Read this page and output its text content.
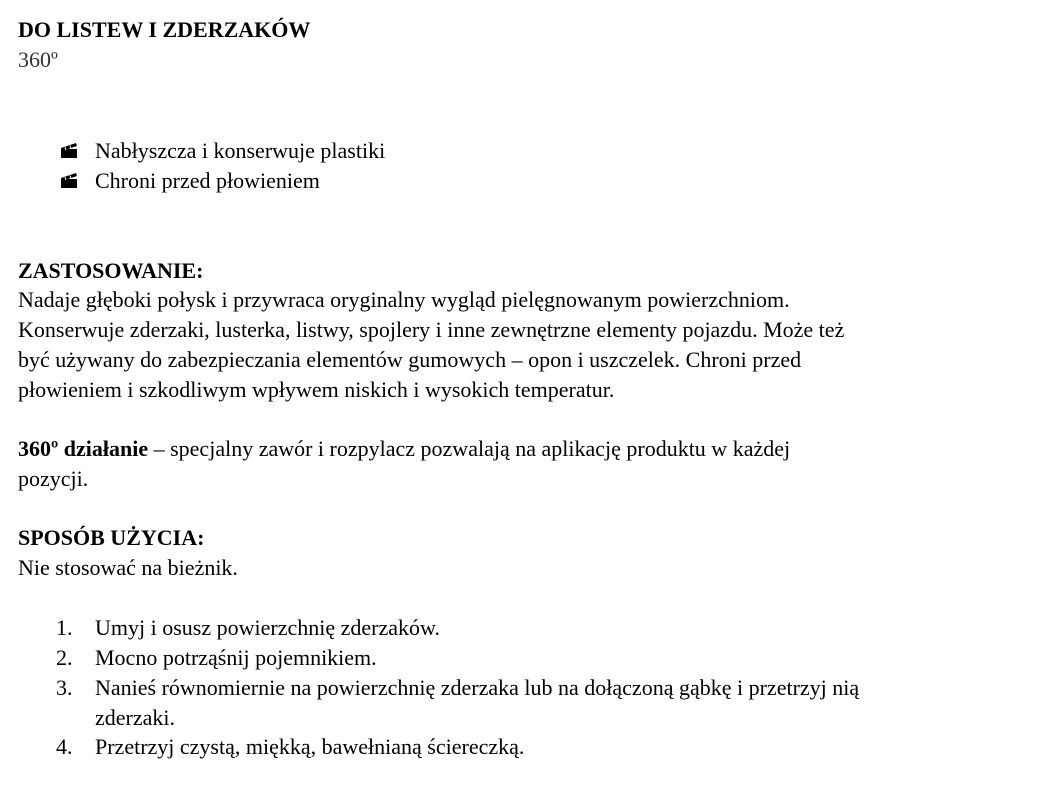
DO LISTEW I ZDERZAKÓW
360º
Nabłyszcza i konserwuje plastiki
Chroni przed płowieniem
ZASTOSOWANIE:
Nadaje głęboki połysk i przywraca oryginalny wygląd pielęgnowanym powierzchniom.
Konserwuje zderzaki, lusterka, listwy, spojlery i inne zewnętrzne elementy pojazdu. Może też
być używany do zabezpieczania elementów gumowych – opon i uszczelek. Chroni przed
płowieniem i szkodliwym wpływem niskich i wysokich temperatur.
360º działanie – specjalny zawór i rozpylacz pozwalają na aplikację produktu w każdej
pozycji.
SPOSÓB UŻYCIA:
Nie stosować na bieżnik.
1. Umyj i osusz powierzchnię zderzaków.
2. Mocno potrząśnij pojemnikiem.
3. Nanieś równomiernie na powierzchnię zderzaka lub na dołączoną gąbkę i przetrzyj nią
zderzaki.
4. Przetrzyj czystą, miękką, bawełnianą ściereczką.
